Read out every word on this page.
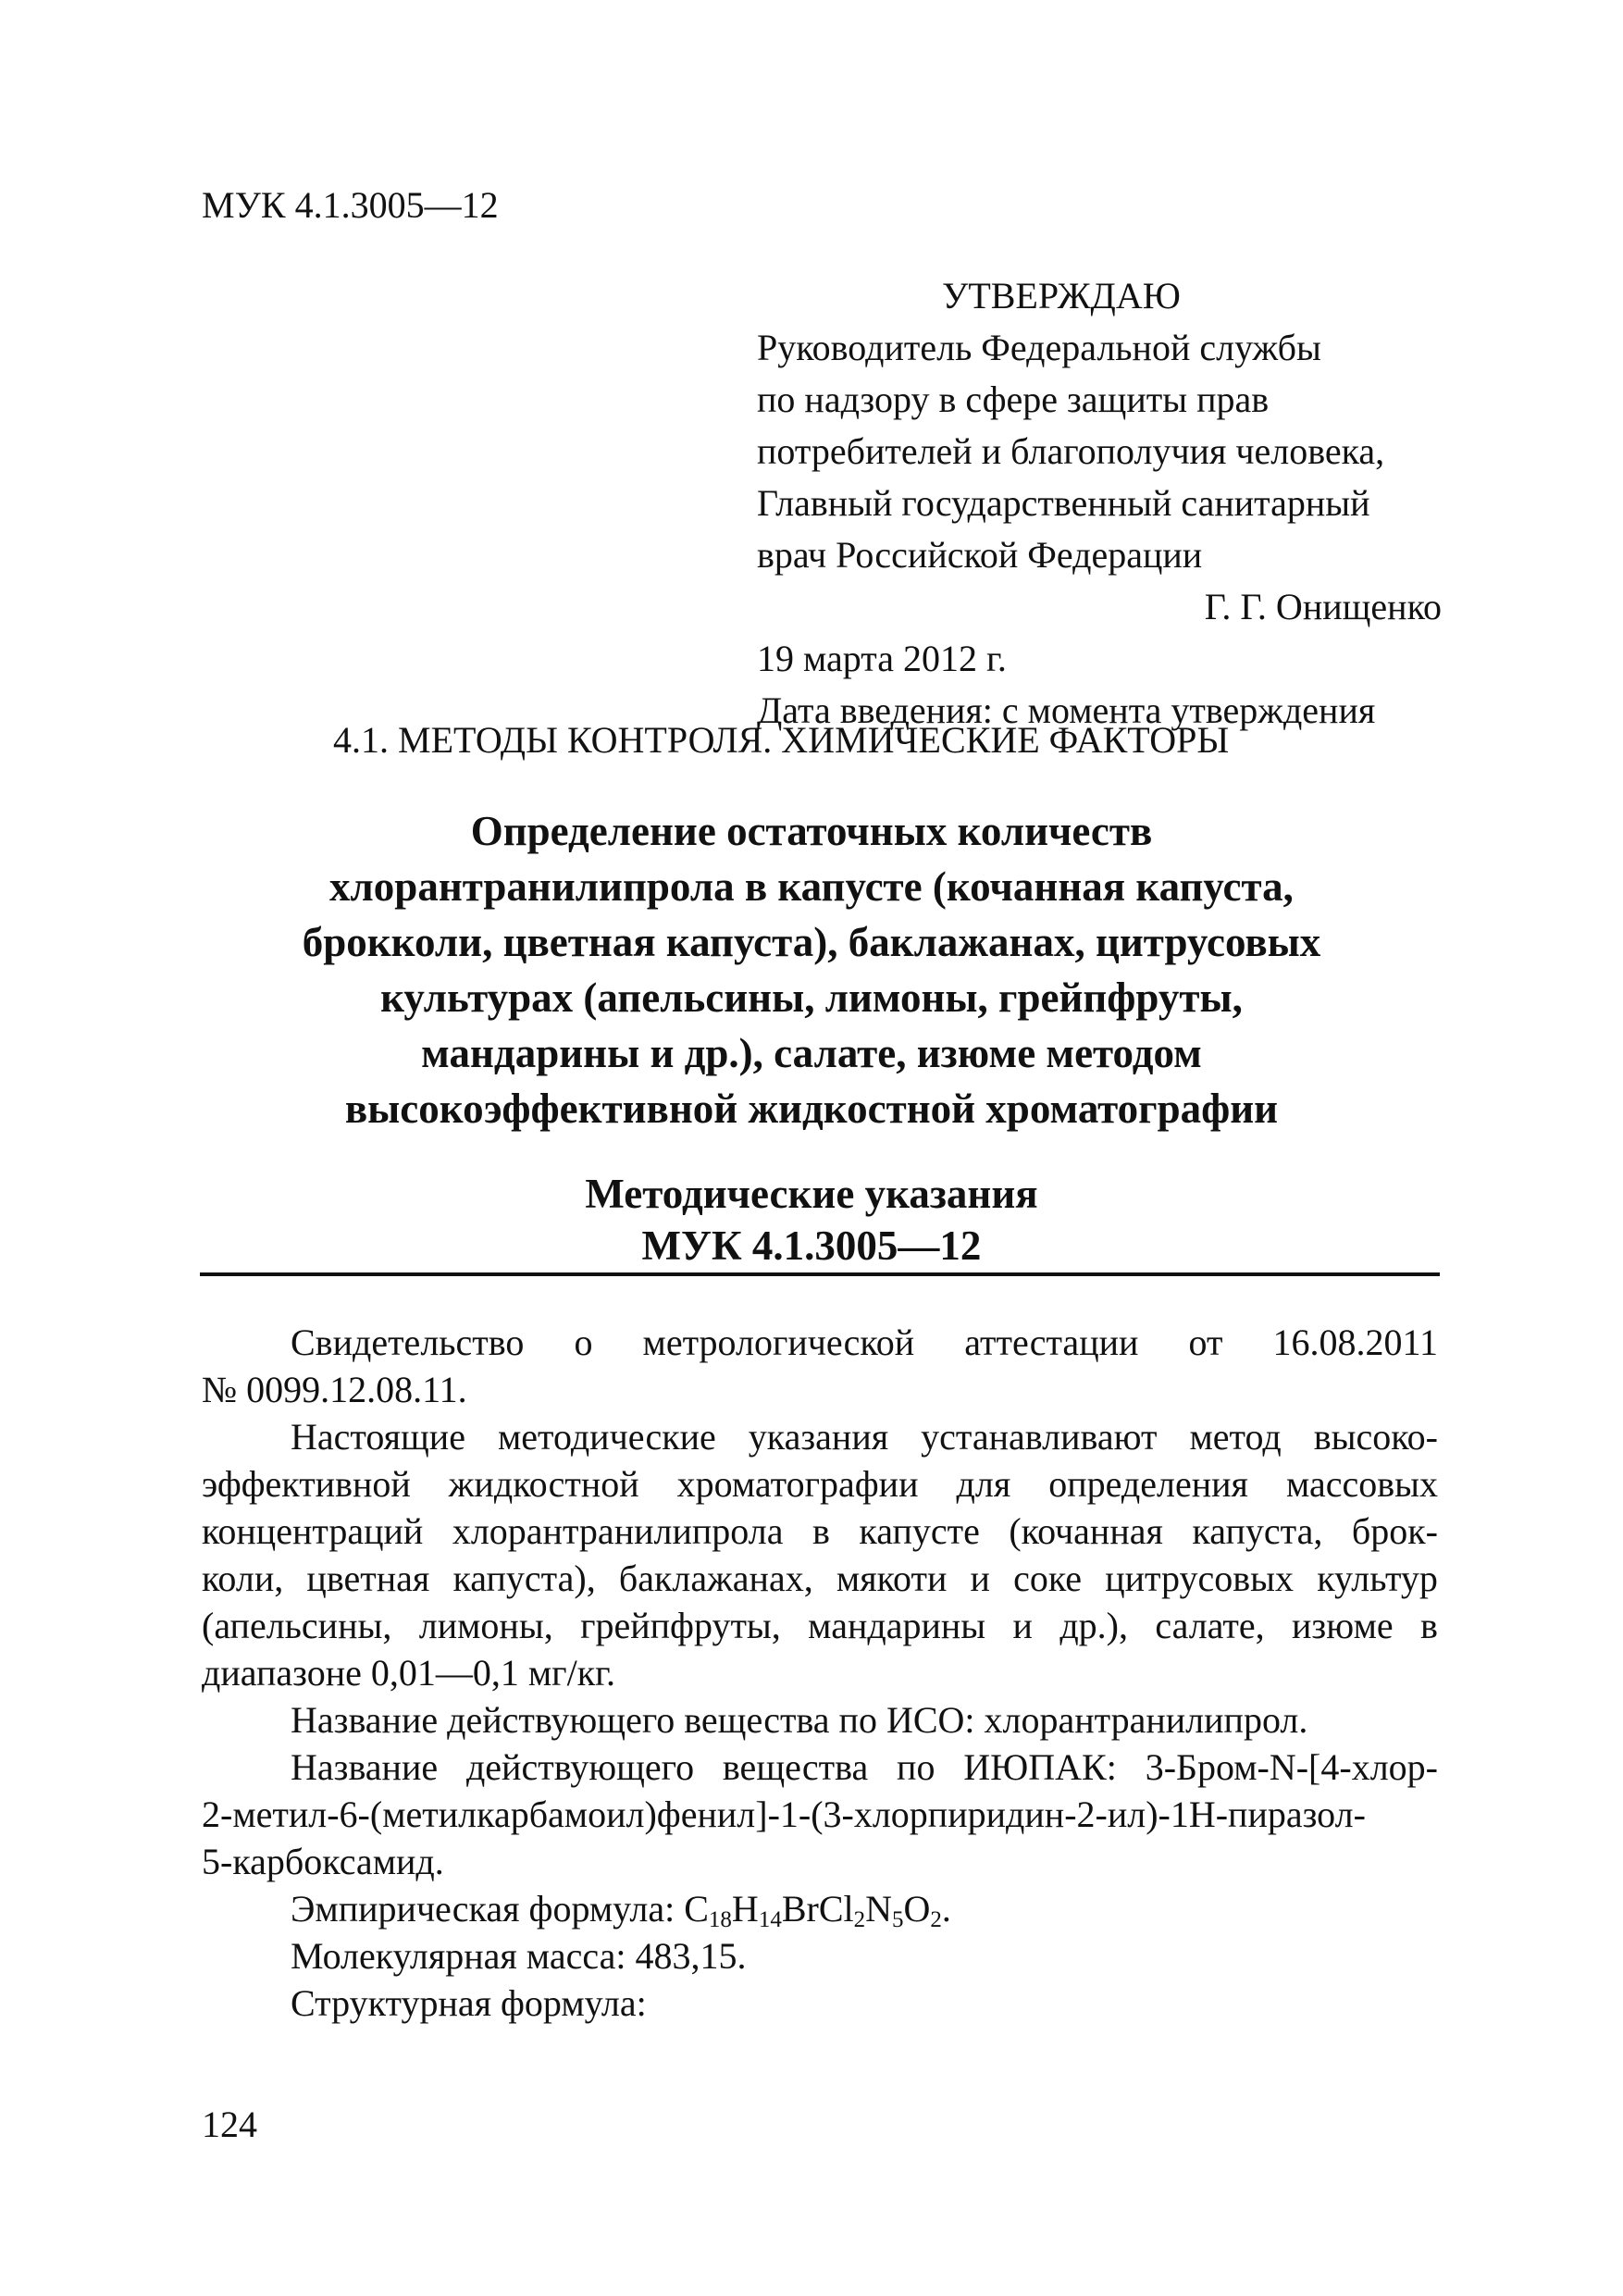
МУК 4.1.3005—12
УТВЕРЖДАЮ
Руководитель Федеральной службы
по надзору в сфере защиты прав
потребителей и благополучия человека,
Главный государственный санитарный
врач Российской Федерации
Г. Г. Онищенко
19 марта 2012 г.
Дата введения: с момента утверждения
4.1. МЕТОДЫ КОНТРОЛЯ. ХИМИЧЕСКИЕ ФАКТОРЫ
Определение остаточных количеств
хлорантранилипрола в капусте (кочанная капуста,
брокколи, цветная капуста), баклажанах, цитрусовых
культурах (апельсины, лимоны, грейпфруты,
мандарины и др.), салате, изюме методом
высокоэффективной жидкостной хроматографии
Методические указания
МУК 4.1.3005—12
Свидетельство о метрологической аттестации от 16.08.2011
№ 0099.12.08.11.
Настоящие методические указания устанавливают метод высоко-
эффективной жидкостной хроматографии для определения массовых
концентраций хлорантранилипрола в капусте (кочанная капуста, брок-
коли, цветная капуста), баклажанах, мякоти и соке цитрусовых культур
(апельсины, лимоны, грейпфруты, мандарины и др.), салате, изюме в
диапазоне 0,01—0,1 мг/кг.
Название действующего вещества по ИСО: хлорантранилипрол.
Название действующего вещества по ИЮПАК: 3-Бром-N-[4-хлор-
2-метил-6-(метилкарбамоил)фенил]-1-(3-хлорпиридин-2-ил)-1Н-пиразол-
5-карбоксамид.
Эмпирическая формула: $C_{18}H_{14}BrCl_2N_5O_2$.
Молекулярная масса: 483,15.
Структурная формула:
124
